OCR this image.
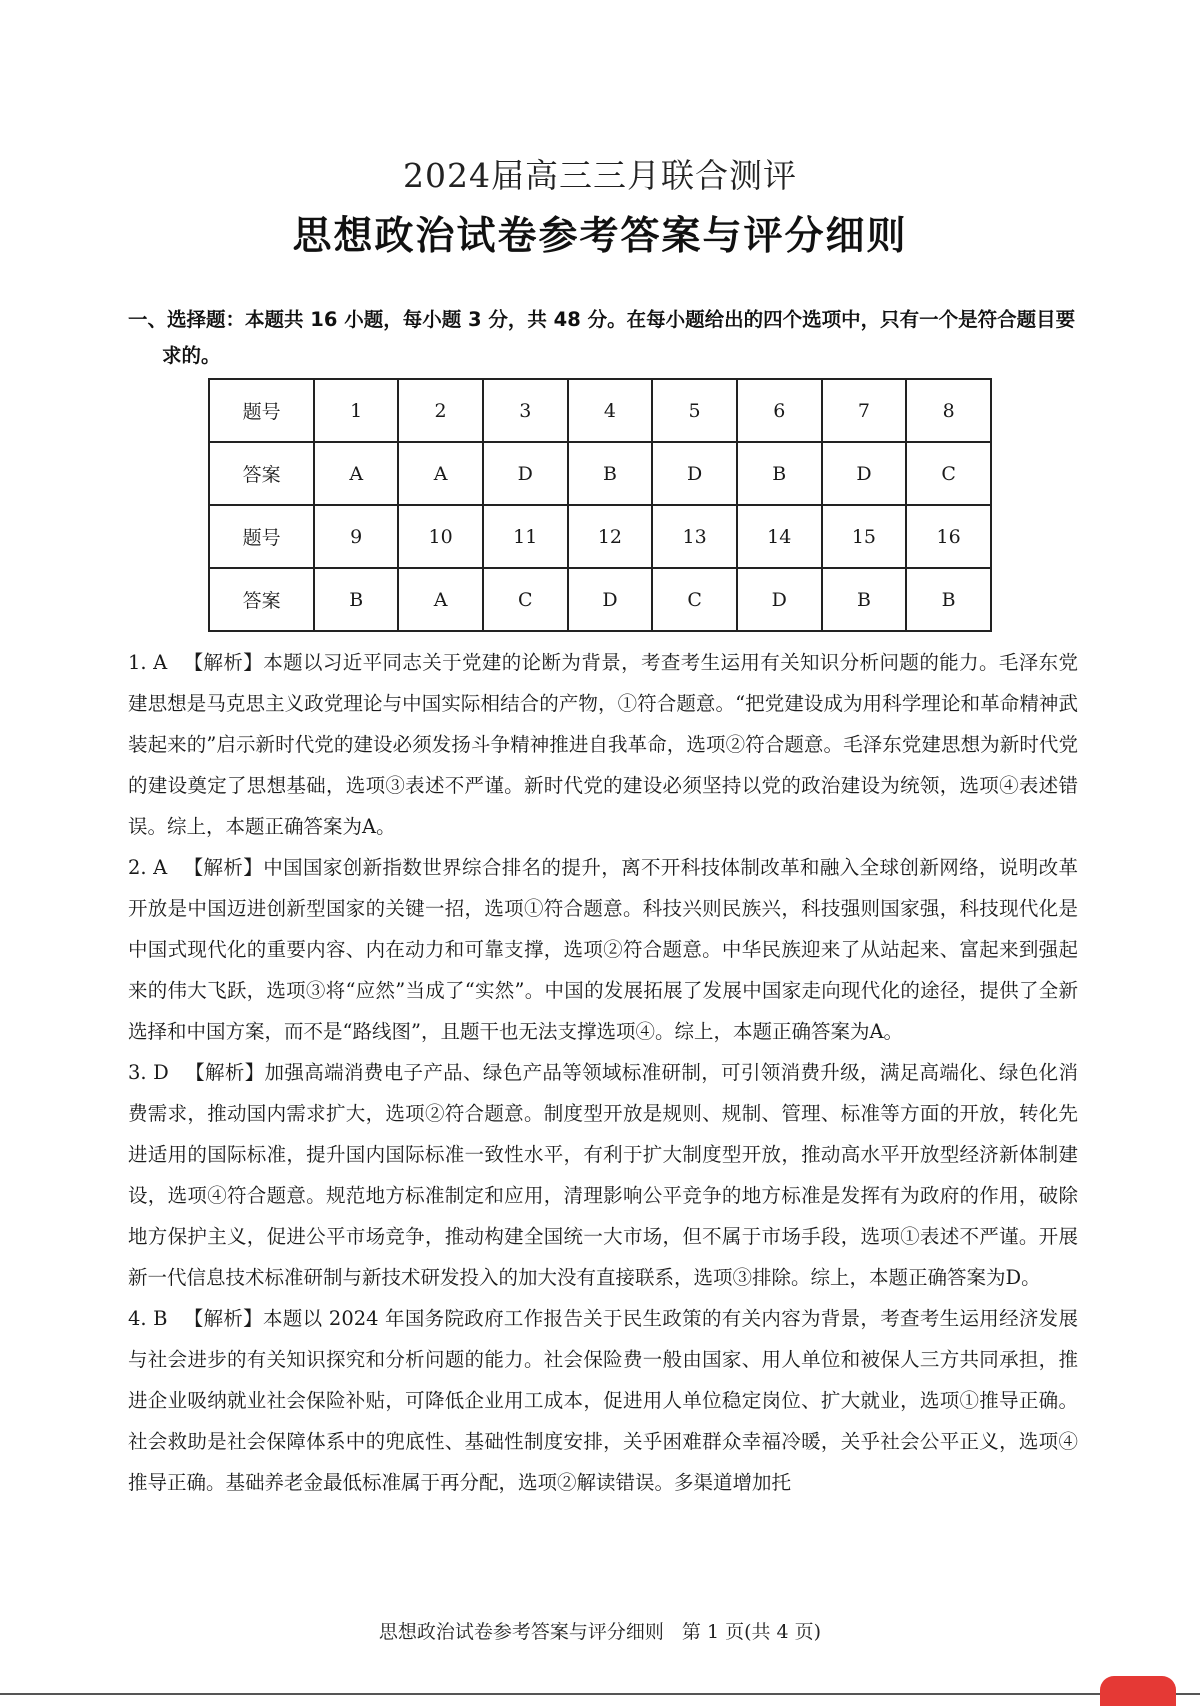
2024届高三三月联合测评
思想政治试卷参考答案与评分细则
一、选择题：本题共 16 小题，每小题 3 分，共 48 分。在每小题给出的四个选项中，只有一个是符合题目要
求的。
题号	1	2	3	4	5	6	7	8
答案	A	A	D	B	D	B	D	C
题号	9	10	11	12	13	14	15	16
答案	B	A	C	D	C	D	B	B
1. A 【解析】本题以习近平同志关于党建的论断为背景，考查考生运用有关知识分析问题的能力。毛泽东党建思想是马克思主义政党理论与中国实际相结合的产物，①符合题意。“把党建设成为用科学理论和革命精神武装起来的”启示新时代党的建设必须发扬斗争精神推进自我革命，选项②符合题意。毛泽东党建思想为新时代党的建设奠定了思想基础，选项③表述不严谨。新时代党的建设必须坚持以党的政治建设为统领，选项④表述错误。综上，本题正确答案为A。
2. A 【解析】中国国家创新指数世界综合排名的提升，离不开科技体制改革和融入全球创新网络，说明改革开放是中国迈进创新型国家的关键一招，选项①符合题意。科技兴则民族兴，科技强则国家强，科技现代化是中国式现代化的重要内容、内在动力和可靠支撑，选项②符合题意。中华民族迎来了从站起来、富起来到强起来的伟大飞跃，选项③将“应然”当成了“实然”。中国的发展拓展了发展中国家走向现代化的途径，提供了全新选择和中国方案，而不是“路线图”，且题干也无法支撑选项④。综上，本题正确答案为A。
3. D 【解析】加强高端消费电子产品、绿色产品等领域标准研制，可引领消费升级，满足高端化、绿色化消费需求，推动国内需求扩大，选项②符合题意。制度型开放是规则、规制、管理、标准等方面的开放，转化先进适用的国际标准，提升国内国际标准一致性水平，有利于扩大制度型开放，推动高水平开放型经济新体制建设，选项④符合题意。规范地方标准制定和应用，清理影响公平竞争的地方标准是发挥有为政府的作用，破除地方保护主义，促进公平市场竞争，推动构建全国统一大市场，但不属于市场手段，选项①表述不严谨。开展新一代信息技术标准研制与新技术研发投入的加大没有直接联系，选项③排除。综上，本题正确答案为D。
4. B 【解析】本题以 2024 年国务院政府工作报告关于民生政策的有关内容为背景，考查考生运用经济发展与社会进步的有关知识探究和分析问题的能力。社会保险费一般由国家、用人单位和被保人三方共同承担，推进企业吸纳就业社会保险补贴，可降低企业用工成本，促进用人单位稳定岗位、扩大就业，选项①推导正确。社会救助是社会保障体系中的兜底性、基础性制度安排，关乎困难群众幸福冷暖，关乎社会公平正义，选项④推导正确。基础养老金最低标准属于再分配，选项②解读错误。多渠道增加托
思想政治试卷参考答案与评分细则 第 1 页(共 4 页)
